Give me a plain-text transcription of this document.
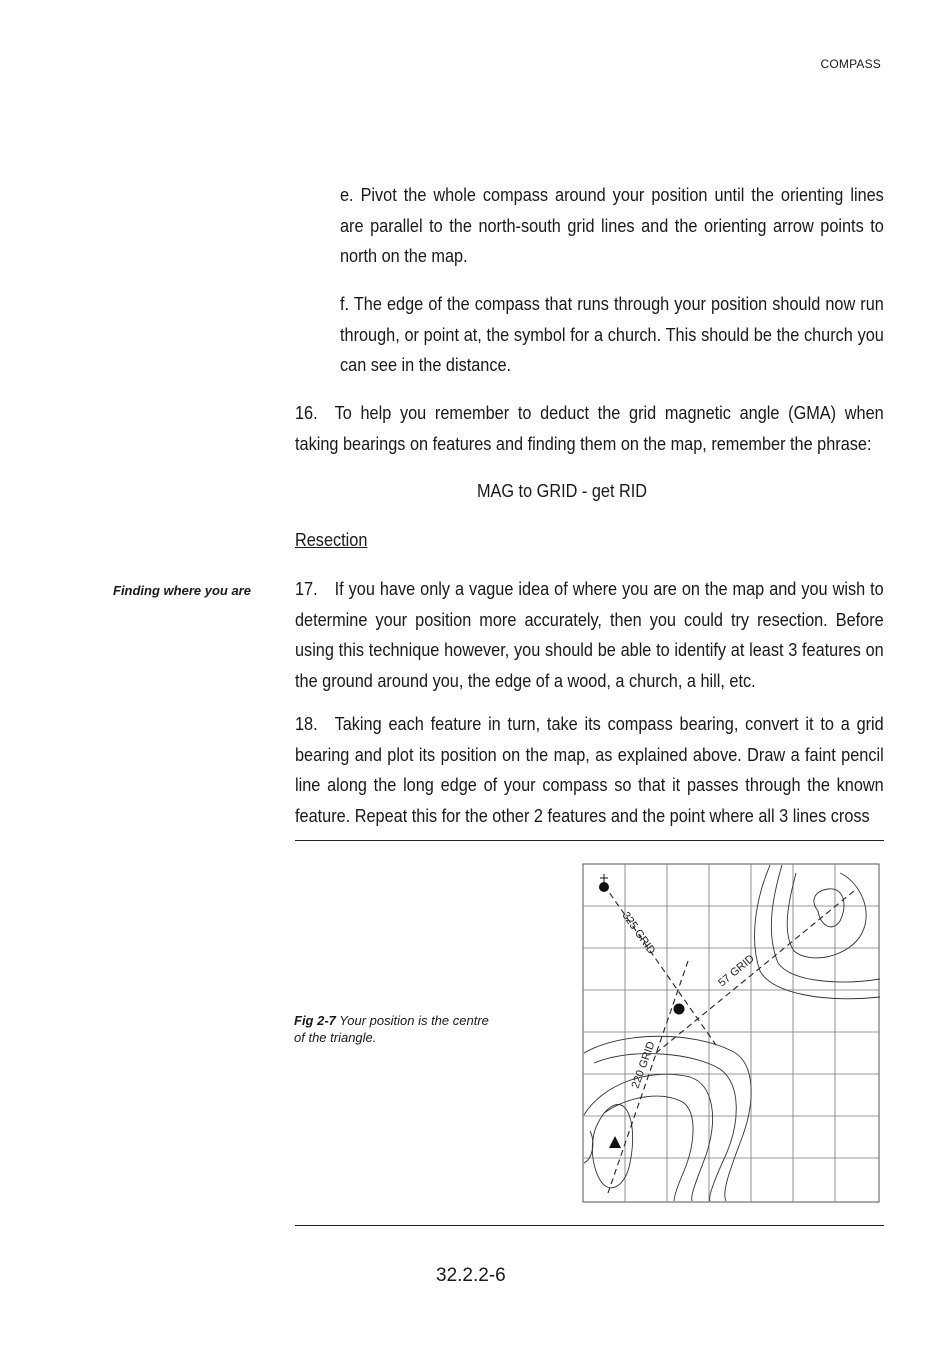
COMPASS
e. Pivot the whole compass around your position until the orienting lines are parallel to the north-south grid lines and the orienting arrow points to north on the map.
f. The edge of the compass that runs through your position should now run through, or point at, the symbol for a church. This should be the church you can see in the distance.
16. To help you remember to deduct the grid magnetic angle (GMA) when taking bearings on features and finding them on the map, remember the phrase:
MAG to GRID - get RID
Resection
Finding where you are 17. If you have only a vague idea of where you are on the map and you wish to determine your position more accurately, then you could try resection. Before using this technique however, you should be able to identify at least 3 features on the ground around you, the edge of a wood, a church, a hill, etc.
18. Taking each feature in turn, take its compass bearing, convert it to a grid bearing and plot its position on the map, as explained above. Draw a faint pencil line along the long edge of your compass so that it passes through the known feature. Repeat this for the other 2 features and the point where all 3 lines cross
Fig 2-7 Your position is the centre of the triangle.
325 GRID
57 GRID
220 GRID
32.2.2-6
